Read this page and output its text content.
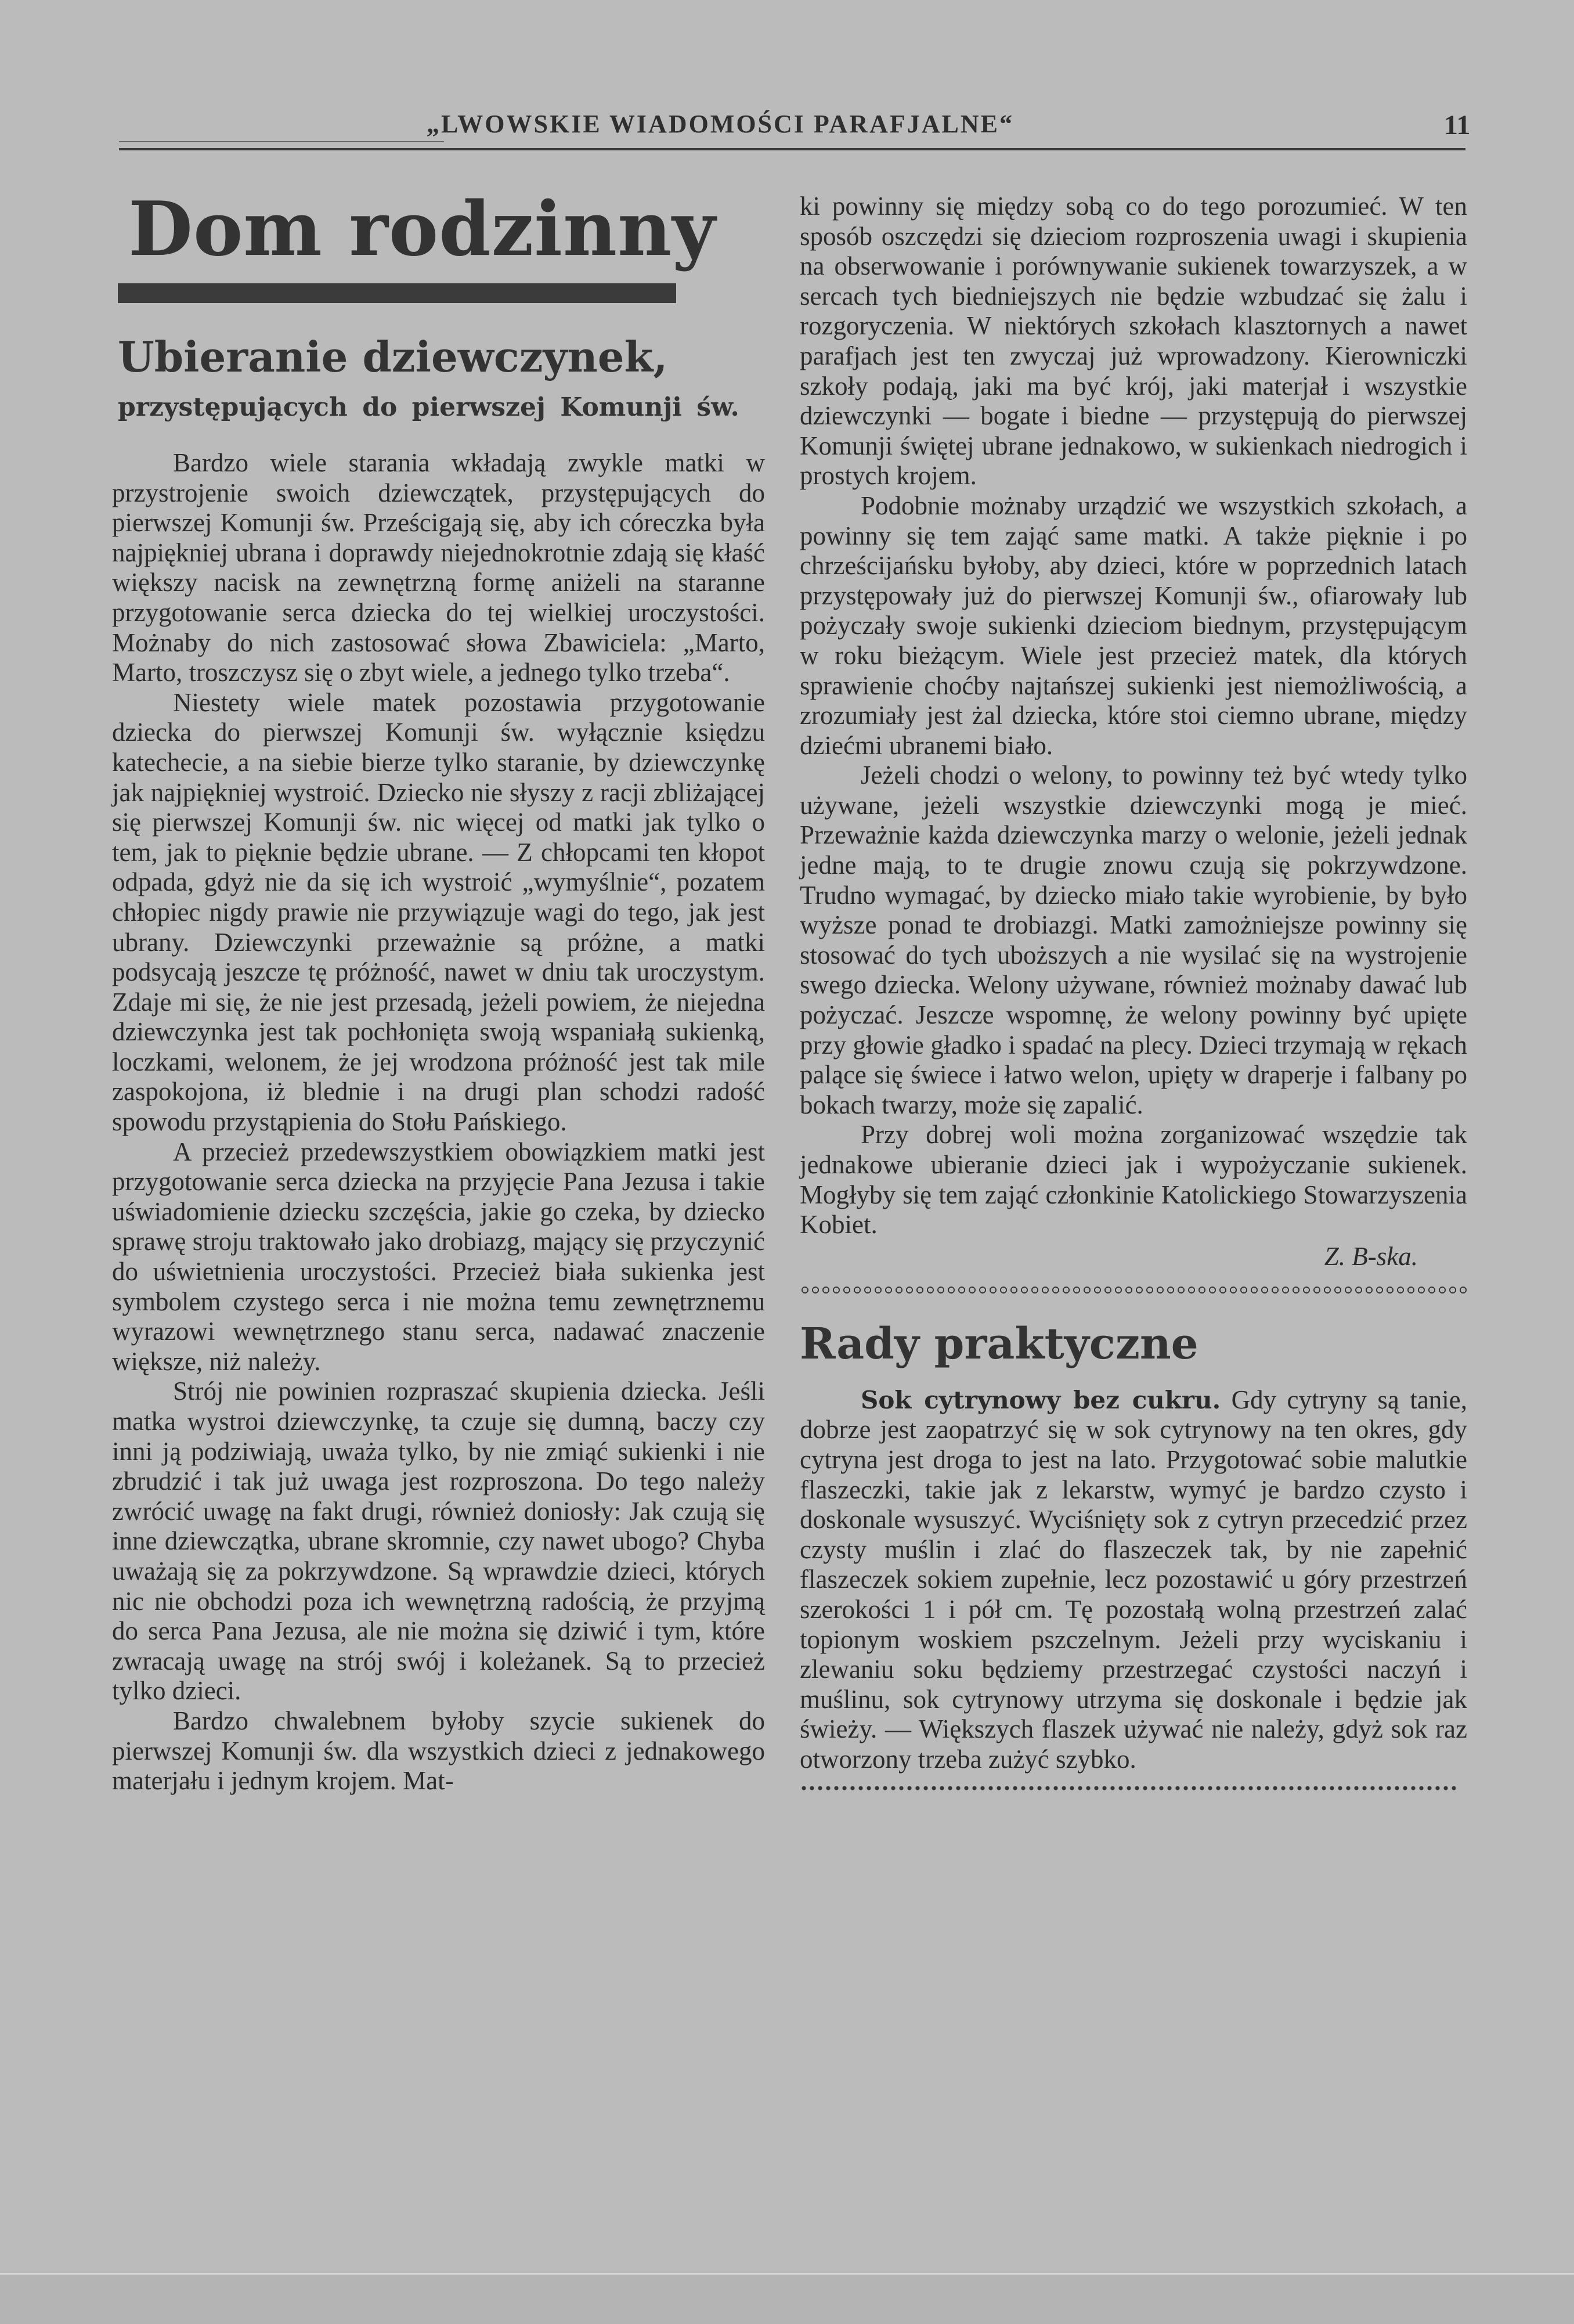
„LWOWSKIE WIADOMOŚCI PARAFJALNE“	11
Dom rodzinny
Ubieranie dziewczynek,
przystępujących do pierwszej Komunji św.

Bardzo wiele starania wkładają zwykle matki w przystrojenie swoich dziewczątek, przystępujących do pierwszej Komunji św. Prześcigają się, aby ich córeczka była najpiękniej ubrana i doprawdy niejednokrotnie zdają się kłaść większy nacisk na zewnętrzną formę aniżeli na staranne przygotowanie serca dziecka do tej wielkiej uroczystości. Możnaby do nich zastosować słowa Zbawiciela: „Marto, Marto, troszczysz się o zbyt wiele, a jednego tylko trzeba“.

Niestety wiele matek pozostawia przygotowanie dziecka do pierwszej Komunji św. wyłącznie księdzu katechecie, a na siebie bierze tylko staranie, by dziewczynkę jak najpiękniej wystroić. Dziecko nie słyszy z racji zbliżającej się pierwszej Komunji św. nic więcej od matki jak tylko o tem, jak to pięknie będzie ubrane. — Z chłopcami ten kłopot odpada, gdyż nie da się ich wystroić „wymyślnie“, pozatem chłopiec nigdy prawie nie przywiązuje wagi do tego, jak jest ubrany. Dziewczynki przeważnie są próżne, a matki podsycają jeszcze tę próżność, nawet w dniu tak uroczystym. Zdaje mi się, że nie jest przesadą, jeżeli powiem, że niejedna dziewczynka jest tak pochłonięta swoją wspaniałą sukienką, loczkami, welonem, że jej wrodzona próżność jest tak mile zaspokojona, iż blednie i na drugi plan schodzi radość spowodu przystąpienia do Stołu Pańskiego.

A przecież przedewszystkiem obowiązkiem matki jest przygotowanie serca dziecka na przyjęcie Pana Jezusa i takie uświadomienie dziecku szczęścia, jakie go czeka, by dziecko sprawę stroju traktowało jako drobiazg, mający się przyczynić do uświetnienia uroczystości. Przecież biała sukienka jest symbolem czystego serca i nie można temu zewnętrznemu wyrazowi wewnętrznego stanu serca, nadawać znaczenie większe, niż należy.

Strój nie powinien rozpraszać skupienia dziecka. Jeśli matka wystroi dziewczynkę, ta czuje się dumną, baczy czy inni ją podziwiają, uważa tylko, by nie zmiąć sukienki i nie zbrudzić i tak już uwaga jest rozproszona. Do tego należy zwrócić uwagę na fakt drugi, również doniosły: Jak czują się inne dziewczątka, ubrane skromnie, czy nawet ubogo? Chyba uważają się za pokrzywdzone. Są wprawdzie dzieci, których nic nie obchodzi poza ich wewnętrzną radością, że przyjmą do serca Pana Jezusa, ale nie można się dziwić i tym, które zwracają uwagę na strój swój i koleżanek. Są to przecież tylko dzieci.

Bardzo chwalebnem byłoby szycie sukienek do pierwszej Komunji św. dla wszystkich dzieci z jednakowego materjału i jednym krojem. Mat-

ki powinny się między sobą co do tego porozumieć. W ten sposób oszczędzi się dzieciom rozproszenia uwagi i skupienia na obserwowanie i porównywanie sukienek towarzyszek, a w sercach tych biedniejszych nie będzie wzbudzać się żalu i rozgoryczenia. W niektórych szkołach klasztornych a nawet parafjach jest ten zwyczaj już wprowadzony. Kierowniczki szkoły podają, jaki ma być krój, jaki materjał i wszystkie dziewczynki — bogate i biedne — przystępują do pierwszej Komunji świętej ubrane jednakowo, w sukienkach niedrogich i prostych krojem.

Podobnie możnaby urządzić we wszystkich szkołach, a powinny się tem zająć same matki. A także pięknie i po chrześcijańsku byłoby, aby dzieci, które w poprzednich latach przystępowały już do pierwszej Komunji św., ofiarowały lub pożyczały swoje sukienki dzieciom biednym, przystępującym w roku bieżącym. Wiele jest przecież matek, dla których sprawienie choćby najtańszej sukienki jest niemożliwością, a zrozumiały jest żal dziecka, które stoi ciemno ubrane, między dziećmi ubranemi biało.

Jeżeli chodzi o welony, to powinny też być wtedy tylko używane, jeżeli wszystkie dziewczynki mogą je mieć. Przeważnie każda dziewczynka marzy o welonie, jeżeli jednak jedne mają, to te drugie znowu czują się pokrzywdzone. Trudno wymagać, by dziecko miało takie wyrobienie, by było wyższe ponad te drobiazgi. Matki zamożniejsze powinny się stosować do tych uboższych a nie wysilać się na wystrojenie swego dziecka. Welony używane, również możnaby dawać lub pożyczać. Jeszcze wspomnę, że welony powinny być upięte przy głowie gładko i spadać na plecy. Dzieci trzymają w rękach palące się świece i łatwo welon, upięty w draperje i falbany po bokach twarzy, może się zapalić.

Przy dobrej woli można zorganizować wszędzie tak jednakowe ubieranie dzieci jak i wypożyczanie sukienek. Mogłyby się tem zająć członkinie Katolickiego Stowarzyszenia Kobiet.

Z. B-ska.
Rady praktyczne

Sok cytrynowy bez cukru. Gdy cytryny są tanie, dobrze jest zaopatrzyć się w sok cytrynowy na ten okres, gdy cytryna jest droga to jest na lato. Przygotować sobie malutkie flaszeczki, takie jak z lekarstw, wymyć je bardzo czysto i doskonale wysuszyć. Wyciśnięty sok z cytryn przecedzić przez czysty muślin i zlać do flaszeczek tak, by nie zapełnić flaszeczek sokiem zupełnie, lecz pozostawić u góry przestrzeń szerokości 1 i pół cm. Tę pozostałą wolną przestrzeń zalać topionym woskiem pszczelnym. Jeżeli przy wyciskaniu i zlewaniu soku będziemy przestrzegać czystości naczyń i muślinu, sok cytrynowy utrzyma się doskonale i będzie jak świeży. — Większych flaszek używać nie należy, gdyż sok raz otworzony trzeba zużyć szybko.
